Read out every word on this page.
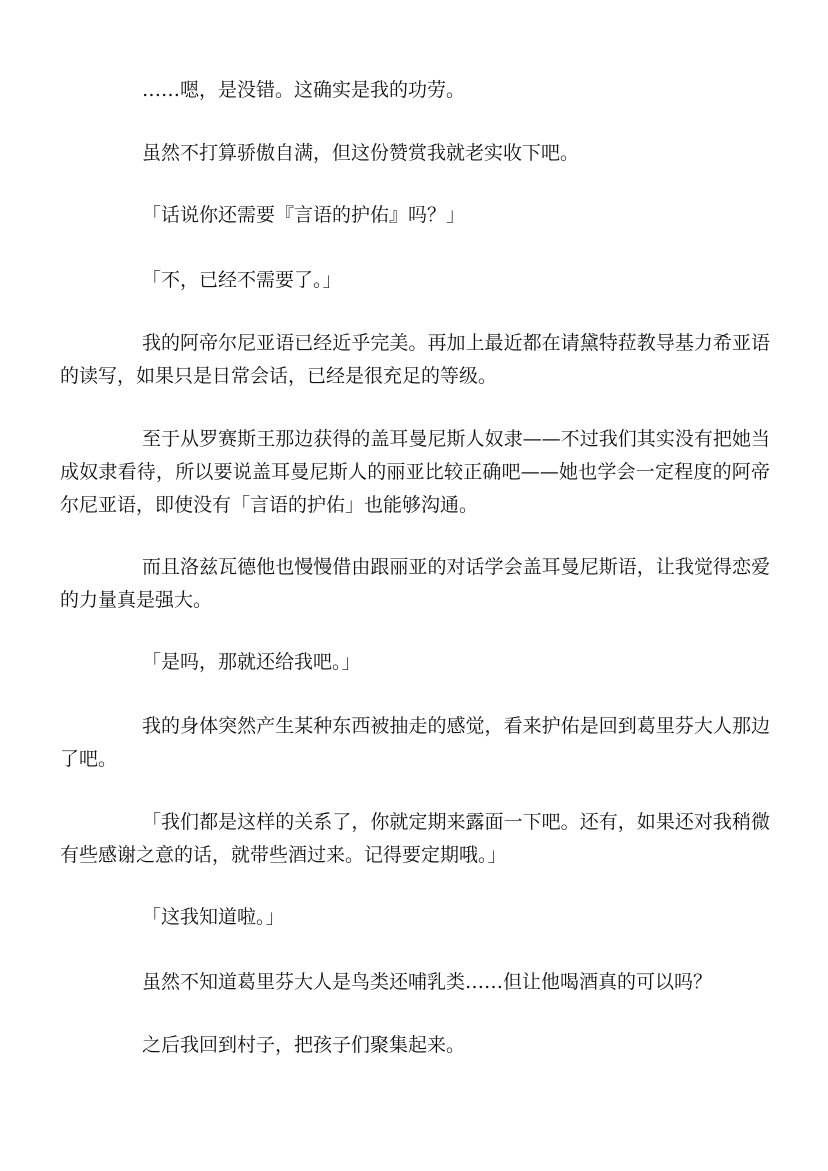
……嗯，是没错。这确实是我的功劳。

虽然不打算骄傲自满，但这份赞赏我就老实收下吧。

「话说你还需要『言语的护佑』吗？」

「不，已经不需要了。」

我的阿帝尔尼亚语已经近乎完美。再加上最近都在请黛特菈教导基力希亚语的读写，如果只是日常会话，已经是很充足的等级。

至于从罗赛斯王那边获得的盖耳曼尼斯人奴隶——不过我们其实没有把她当成奴隶看待，所以要说盖耳曼尼斯人的丽亚比较正确吧——她也学会一定程度的阿帝尔尼亚语，即使没有「言语的护佑」也能够沟通。

而且洛兹瓦德他也慢慢借由跟丽亚的对话学会盖耳曼尼斯语，让我觉得恋爱的力量真是强大。

「是吗，那就还给我吧。」

我的身体突然产生某种东西被抽走的感觉，看来护佑是回到葛里芬大人那边了吧。

「我们都是这样的关系了，你就定期来露面一下吧。还有，如果还对我稍微有些感谢之意的话，就带些酒过来。记得要定期哦。」

「这我知道啦。」

虽然不知道葛里芬大人是鸟类还哺乳类……但让他喝酒真的可以吗？

之后我回到村子，把孩子们聚集起来。
